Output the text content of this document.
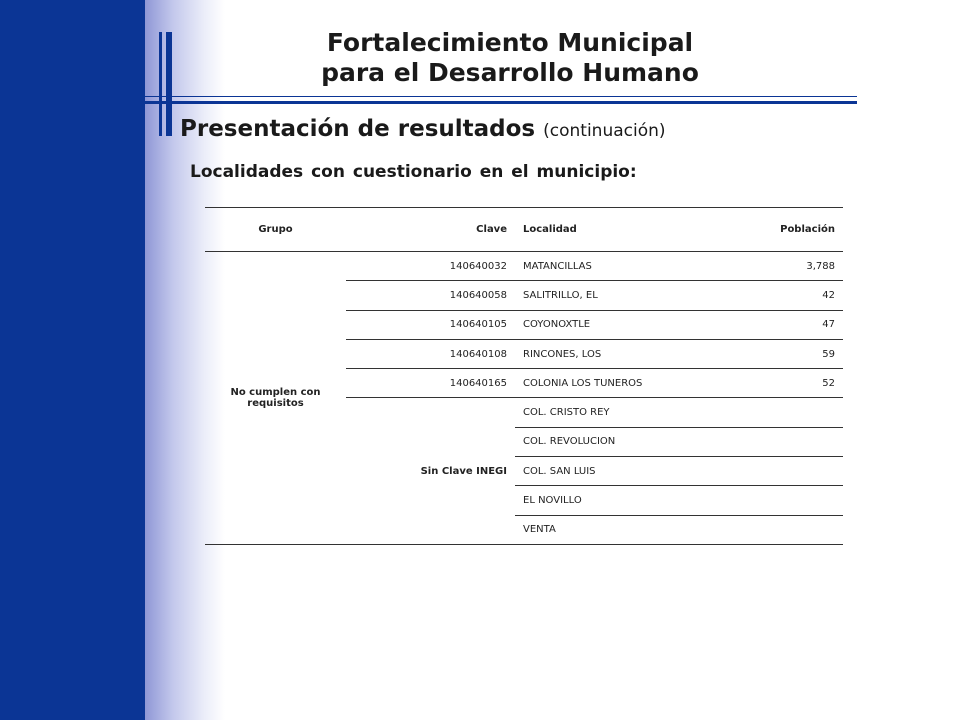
Fortalecimiento Municipal
para el Desarrollo Humano
Presentación de resultados (continuación)
Localidades con cuestionario en el municipio:
Grupo	Clave	Localidad	Población
No cumplen con requisitos	140640032	MATANCILLAS	3,788
	140640058	SALITRILLO, EL	42
	140640105	COYONOXTLE	47
	140640108	RINCONES, LOS	59
	140640165	COLONIA LOS TUNEROS	52
	Sin Clave INEGI	COL. CRISTO REY	
		COL. REVOLUCION	
		COL. SAN LUIS	
		EL NOVILLO	
		VENTA	
